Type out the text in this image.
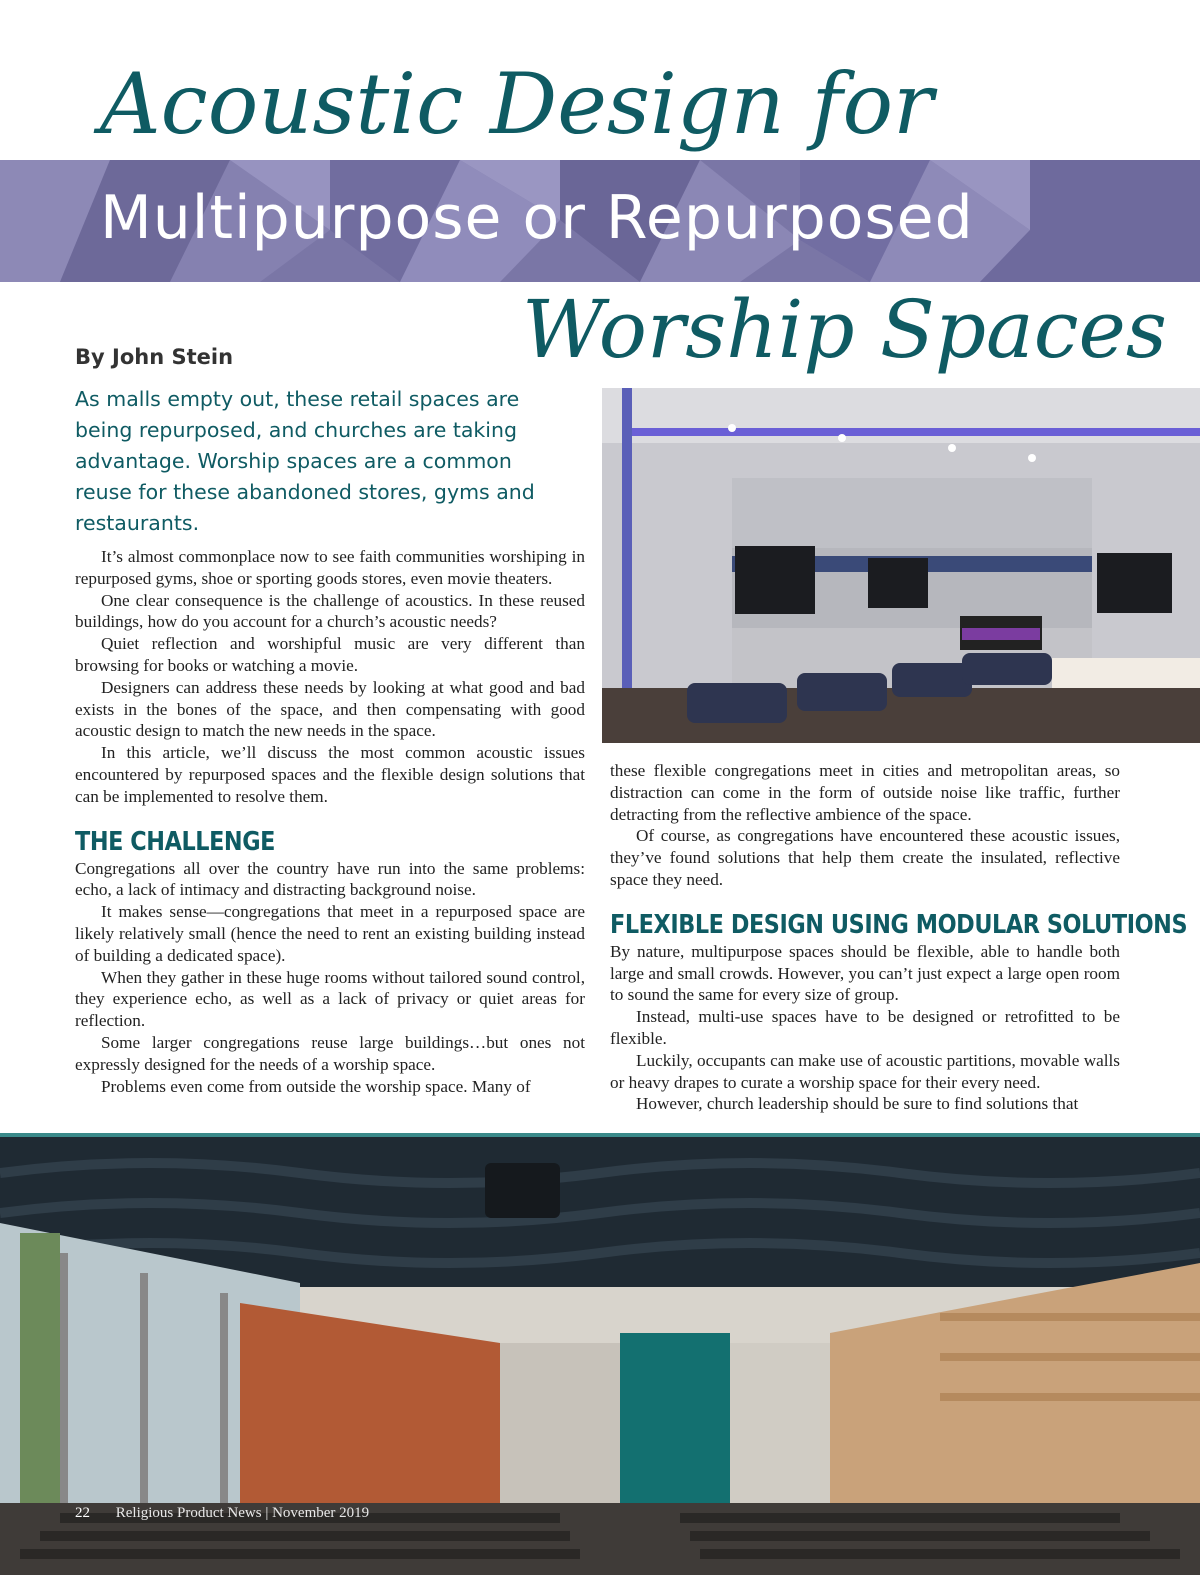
Acoustic Design for
Multipurpose or Repurposed
Worship Spaces
By John Stein
As malls empty out, these retail spaces are being repurposed, and churches are taking advantage. Worship spaces are a common reuse for these abandoned stores, gyms and restaurants.

It’s almost commonplace now to see faith communities worshiping in repurposed gyms, shoe or sporting goods stores, even movie theaters.

One clear consequence is the challenge of acoustics. In these reused buildings, how do you account for a church’s acoustic needs?

Quiet reflection and worshipful music are very different than browsing for books or watching a movie.

Designers can address these needs by looking at what good and bad exists in the bones of the space, and then compensating with good acoustic design to match the new needs in the space.

In this article, we’ll discuss the most common acoustic issues encountered by repurposed spaces and the flexible design solutions that can be implemented to resolve them.

THE CHALLENGE

Congregations all over the country have run into the same problems: echo, a lack of intimacy and distracting background noise.

It makes sense—congregations that meet in a repurposed space are likely relatively small (hence the need to rent an existing building instead of building a dedicated space).

When they gather in these huge rooms without tailored sound control, they experience echo, as well as a lack of privacy or quiet areas for reflection.

Some larger congregations reuse large buildings…but ones not expressly designed for the needs of a worship space.

Problems even come from outside the worship space. Many of

these flexible congregations meet in cities and metropolitan areas, so distraction can come in the form of outside noise like traffic, further detracting from the reflective ambience of the space.

Of course, as congregations have encountered these acoustic issues, they’ve found solutions that help them create the insulated, reflective space they need.

FLEXIBLE DESIGN USING MODULAR SOLUTIONS

By nature, multipurpose spaces should be flexible, able to handle both large and small crowds. However, you can’t just expect a large open room to sound the same for every size of group.

Instead, multi-use spaces have to be designed or retrofitted to be flexible.

Luckily, occupants can make use of acoustic partitions, movable walls or heavy drapes to curate a worship space for their every need.

However, church leadership should be sure to find solutions that

22 Religious Product News | November 2019
